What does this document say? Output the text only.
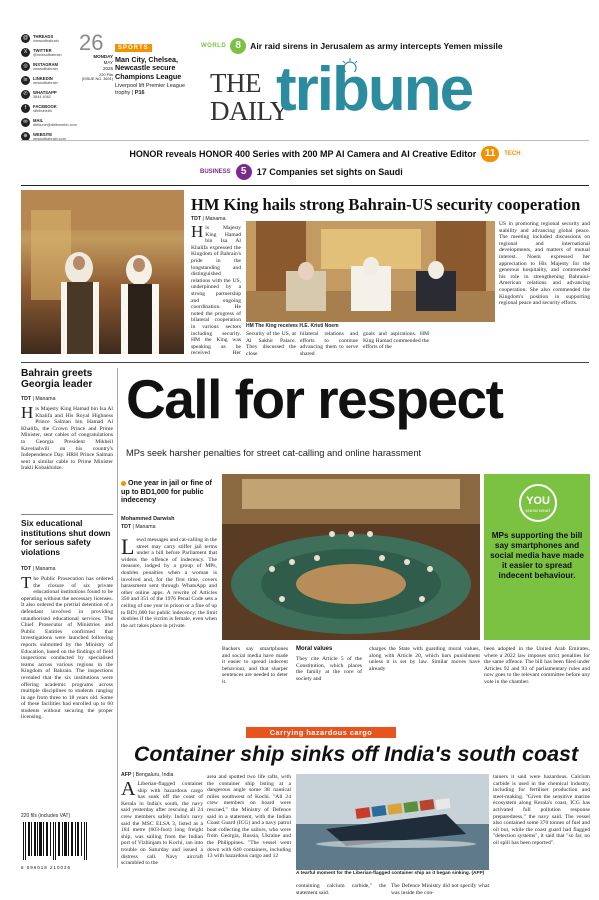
@	THREADS
/newsofbahrain
X	TWITTER
@newsofbahrain
◎	INSTAGRAM
newsofbahrain
in	LINKEDIN
newsofbahrain
✆	WHATSAPP
3844 4062
f	FACEBOOK
/dtribunebh
✉	MAIL
dtribune@dtribunebh.com
⊕	WEBSITE
newsofbahrain.com
26
MONDAY
MAY
2025
220 Fils
(ISSUE NO. 3691)
SPORTS
Man City, Chelsea, Newcastle secure Champions League
Liverpool lift Premier League trophy | P16
WORLD 8	Air raid sirens in Jerusalem as army intercepts Yemen missile
THE
DAILY
tribune
HONOR reveals HONOR 400 Series with 200 MP AI Camera and AI Creative Editor 11	TECH
BUSINESS	5	17 Companies set sights on Saudi
HM King hails strong Bahrain-US security cooperation
TDT | Manama
His Majesty King Hamad bin Isa Al Khalifa expressed the Kingdom of Bahrain's pride in the longstanding and distinguished relations with the US, underpinned by a strong partnership and ongoing coordination. He noted the progress of bilateral cooperation in various sectors including security. HM the King was speaking as he received Her
HM The King receives H.E. Kristi Noem
Security of the US, at Al Sakhir Palace. They discussed the close
bilateral relations and efforts to continue advancing them to serve shared
goals and aspirations. HM King Hamad commended the efforts of the
US in promoting regional security and stability and advancing global peace. The meeting included discussions on regional and international developments, and matters of mutual interest. Noem expressed her appreciation to His Majesty for the generous hospitality, and commended his role in strengthening Bahraini-American relations and advancing cooperation. She also commended the Kingdom's position in supporting regional peace and security efforts.
Bahrain greets Georgia leader
TDT | Manama
His Majesty King Hamad bin Isa Al Khalifa and His Royal Highness Prince Salman bin Hamad Al Khalifa, the Crown Prince and Prime Minister, sent cables of congratulations to Georgia President Mikheil Kavelashvili on his country's Independence Day. HRH Prince Salman sent a similar cable to Prime Minister Irakli Kobakhidze.
Six educational institutions shut down for serious safety violations
TDT | Manama
The Public Prosecution has ordered the closure of six private educational institutions found to be operating without the necessary licenses. It also ordered the pretrial detention of a defendant involved in providing unauthorised educational services. The Chief Prosecutor of Ministries and Public Entities confirmed that investigations were launched following reports submitted by the Ministry of Education, based on the findings of field inspections conducted by specialised teams across various regions in the Kingdom of Bahrain. The inspections revealed that the six institutions were offering academic programs across multiple disciplines to students ranging in age from three to 18 years old. Some of these facilities had enrolled up to 60 students without securing the proper licensing.
220 fils (includes VAT)
6 096018 210026
Call for respect
MPs seek harsher penalties for street cat-calling and online harassment
One year in jail or fine of up to BD1,000 for public indecency
Mohammed Darwish
TDT | Manama
Lewd messages and cat-calling in the street may carry stiffer jail terms under a bill before Parliament that widens the offence of indecency. The measure, lodged by a group of MPs, doubles penalties when a woman is involved and, for the first time, covers harassment sent through WhatsApp and other online apps. A rewrite of Articles 350 and 351 of the 1976 Penal Code sets a ceiling of one year in prison or a fine of up to BD1,000 for public indecency; the limit doubles if the victim is female, even when the act takes place in private.
YOU
KNOW WHAT
MPs supporting the bill say smartphones and social media have made it easier to spread indecent behaviour.
Backers say smartphones and social media have made it easier to spread indecent behaviour, and that sharper sentences are needed to deter it.
Moral values
They cite Article 5 of the Constitution, which places the family at the core of society and
charges the State with guarding moral values, along with Article 20, which bars punishment unless it is set by law. Similar moves have already
been adopted in the United Arab Emirates, where a 2022 law imposes strict penalties for the same offence. The bill has been filed under Articles 92 and 93 of parliamentary rules and now goes to the relevant committee before any vote in the chamber.
Carrying hazardous cargo
Container ship sinks off India's south coast
AFP | Bengaluru, India
A Liberian-flagged container ship with hazardous cargo has sunk off the coast of Kerala in India's south, the navy said yesterday after rescuing all 24 crew members safely. India's navy said the MSC ELSA 3, listed as a 184 metre (603-foot) long freight ship, was sailing from the Indian port of Vizhinjam to Kochi, ran into trouble on Saturday and issued a distress call. Navy aircraft scrambled to the
area and spotted two life rafts, with the container ship listing at a dangerous angle some 38 nautical miles southwest of Kochi. "All 24 crew members on board were rescued," the Ministry of Defence said in a statement, with the Indian Coast Guard (ICG) and a navy patrol boat collecting the sailors, who were from Georgia, Russia, Ukraine and the Philippines. "The vessel went down with 640 containers, including 13 with hazardous cargo and 12
A tearful moment for the Liberian-flagged container ship as it began sinking. (AFP)
containing calcium carbide," the statement said.
The Defence Ministry did not specify what was inside the con-
tainers it said were hazardous. Calcium carbide is used in the chemical industry, including for fertiliser production and steel-making. "Given the sensitive marine ecosystem along Kerala's coast, ICG has activated full pollution response preparedness," the navy said. The vessel also contained some 370 tonnes of fuel and oil but, while the coast guard had flagged "detection systems", it said that "so far, no oil spill has been reported".
